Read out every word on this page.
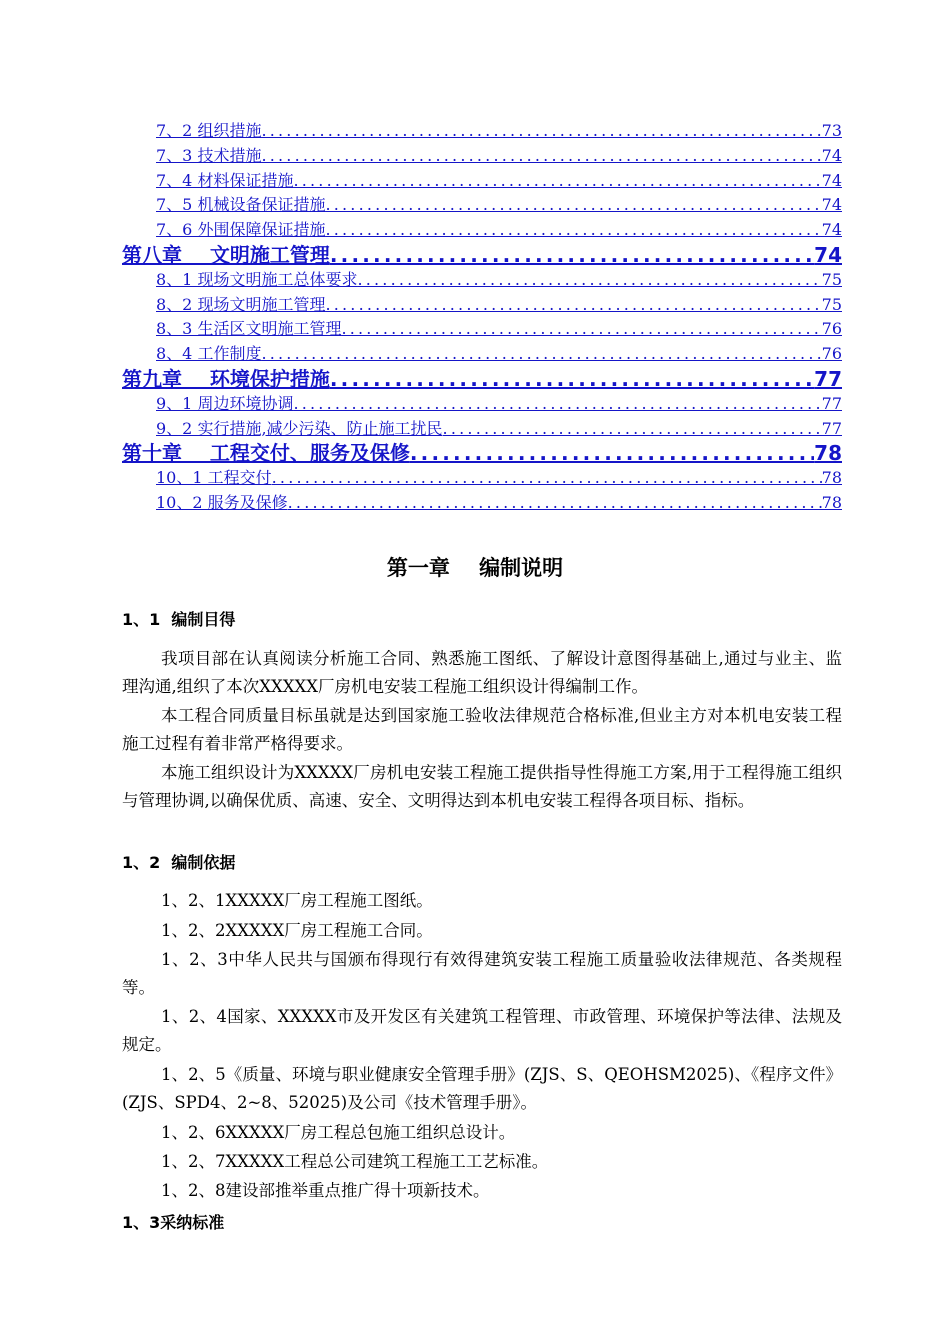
7、2 组织措施 .....	73
7、3 技术措施 .....	74
7、4 材料保证措施 .....	74
7、5 机械设备保证措施 .....	74
7、6 外围保障保证措施 .....	74
第八章    文明施工管理 .....	74
8、1 现场文明施工总体要求 .....	75
8、2 现场文明施工管理 .....	75
8、3 生活区文明施工管理 .....	76
8、4 工作制度 .....	76
第九章    环境保护措施 .....	77
9、1 周边环境协调 .....	77
9、2 实行措施,减少污染、防止施工扰民 .....	77
第十章    工程交付、服务及保修 .....	78
10、1 工程交付 .....	78
10、2 服务及保修 .....	78
第一章    编制说明
1、1  编制目得
我项目部在认真阅读分析施工合同、熟悉施工图纸、了解设计意图得基础上,通过与业主、监理沟通,组织了本次XXXXX厂房机电安装工程施工组织设计得编制工作。
本工程合同质量目标虽就是达到国家施工验收法律规范合格标准,但业主方对本机电安装工程施工过程有着非常严格得要求。
本施工组织设计为XXXXX厂房机电安装工程施工提供指导性得施工方案,用于工程得施工组织与管理协调,以确保优质、高速、安全、文明得达到本机电安装工程得各项目标、指标。
1、2  编制依据
1、2、1XXXXX厂房工程施工图纸。
1、2、2XXXXX厂房工程施工合同。
1、2、3中华人民共与国颁布得现行有效得建筑安装工程施工质量验收法律规范、各类规程等。
1、2、4国家、XXXXX市及开发区有关建筑工程管理、市政管理、环境保护等法律、法规及规定。
1、2、5《质量、环境与职业健康安全管理手册》(ZJS、S、QEOHSM2025)、《程序文件》(ZJS、SPD4、2~8、52025)及公司《技术管理手册》。
1、2、6XXXXX厂房工程总包施工组织总设计。
1、2、7XXXXX工程总公司建筑工程施工工艺标准。
1、2、8建设部推举重点推广得十项新技术。
1、3采纳标准
